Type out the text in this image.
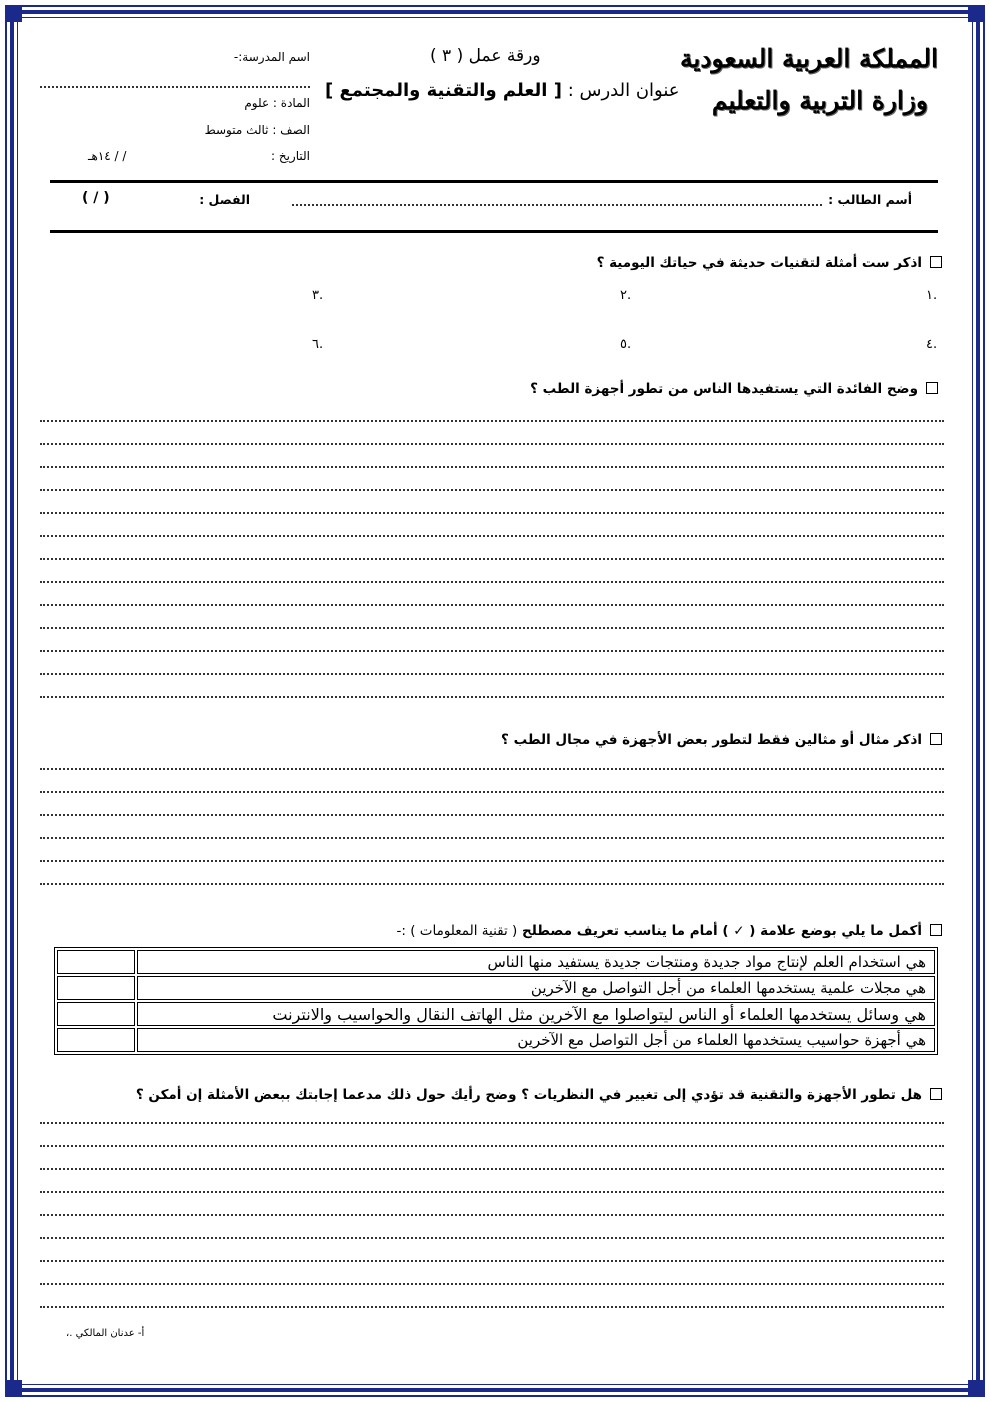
المملكة العربية السعودية
وزارة التربية والتعليم
ورقة عمل ( ٣ )
عنوان الدرس : [ العلم والتقنية والمجتمع ]
اسم المدرسة:-
المادة : علوم
الصف : ثالث متوسط
التاريخ :
/ / ١٤هـ
أسم الطالب :
الفصل :
( / )
اذكر ست أمثلة لتقنيات حديثة في حياتك اليومية ؟
١.
٢.
٣.
٤.
٥.
٦.
وضح الفائدة التي يستفيدها الناس من تطور أجهزة الطب ؟
اذكر مثال أو مثالين فقط لتطور بعض الأجهزة في مجال الطب ؟
أكمل ما يلي بوضع علامة ( ✓ ) أمام ما يناسب تعريف مصطلح ( تقنية المعلومات ) :-
هي استخدام العلم لإنتاج مواد جديدة ومنتجات جديدة يستفيد منها الناس	
هي مجلات علمية يستخدمها العلماء من أجل التواصل مع الآخرين	
هي وسائل يستخدمها العلماء أو الناس ليتواصلوا مع الآخرين مثل الهاتف النقال والحواسيب والانترنت	
هي أجهزة حواسيب يستخدمها العلماء من أجل التواصل مع الآخرين	
هل تطور الأجهزة والتقنية قد تؤدي إلى تغيير في النظريات ؟ وضح رأيك حول ذلك مدعما إجابتك ببعض الأمثلة إن أمكن ؟
أ- عدنان المالكي .،
